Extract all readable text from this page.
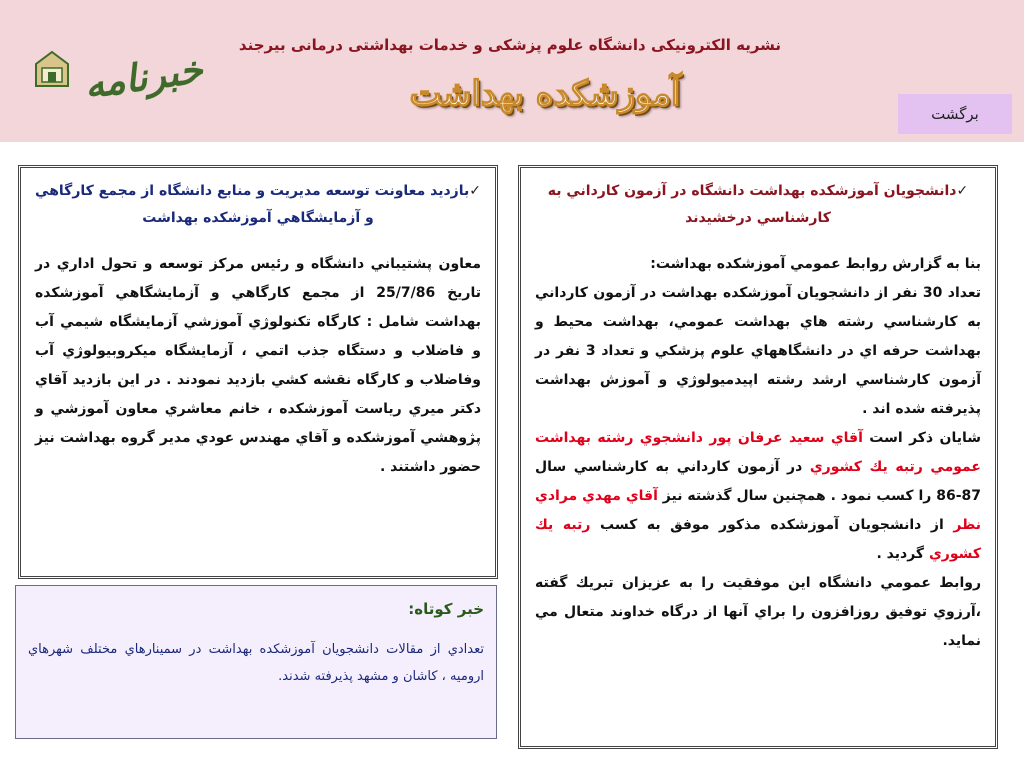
خبرنامه
نشریه الکترونیکی دانشگاه علوم پزشکی و خدمات بهداشتی درمانی بیرجند
آموزشکده بهداشت	برگشت

✓دانشجويان آموزشكده بهداشت دانشگاه در آزمون كارداني به كارشناسي درخشيدند

بنا به گزارش روابط عمومي آموزشكده بهداشت:
تعداد 30 نفر از دانشجويان آموزشكده بهداشت در آزمون كارداني به كارشناسي رشته هاي بهداشت عمومي، بهداشت محيط و بهداشت حرفه اي در دانشگاههاي علوم پزشكي و تعداد 3 نفر در آزمون كارشناسي ارشد رشته اپيدميولوژي و آموزش بهداشت پذيرفته شده اند .
شايان ذكر است آقاي سعيد عرفان پور دانشجوي رشته بهداشت عمومي رتبه يك كشوري در آزمون كارداني به كارشناسي سال 87-86 را كسب نمود . همچنين سال گذشته نيز آقاي مهدي مرادي نظر از دانشجويان آموزشكده مذكور موفق به كسب رتبه يك كشوري گرديد .
روابط عمومي دانشگاه اين موفقيت را به عزيزان تبريك گفته ،آرزوي توفيق روزافزون را براي آنها از درگاه خداوند متعال مي نمايد.

✓بازديد معاونت توسعه مديريت و منابع دانشگاه از مجمع كارگاهي و آزمايشگاهي آموزشكده بهداشت

معاون پشتيباني دانشگاه و رئيس مركز توسعه و تحول اداري در تاريخ 25/7/86 از مجمع كارگاهي و آزمايشگاهي آموزشكده بهداشت شامل : كارگاه تكنولوژي آموزشي آزمايشگاه شيمي آب و فاضلاب و دستگاه جذب اتمي ، آزمايشگاه ميكروبيولوژي آب وفاضلاب و كارگاه نقشه كشي بازديد نمودند . در اين بازديد آقاي دكتر ميري رياست آموزشكده ، خانم معاشري معاون آموزشي و پژوهشي آموزشكده و آقاي مهندس عودي مدير گروه بهداشت نيز حضور داشتند .

خبر کوتاه:

تعدادي از مقالات دانشجويان آموزشكده بهداشت در سمينارهاي مختلف شهرهاي اروميه ، كاشان و مشهد پذيرفته شدند.
